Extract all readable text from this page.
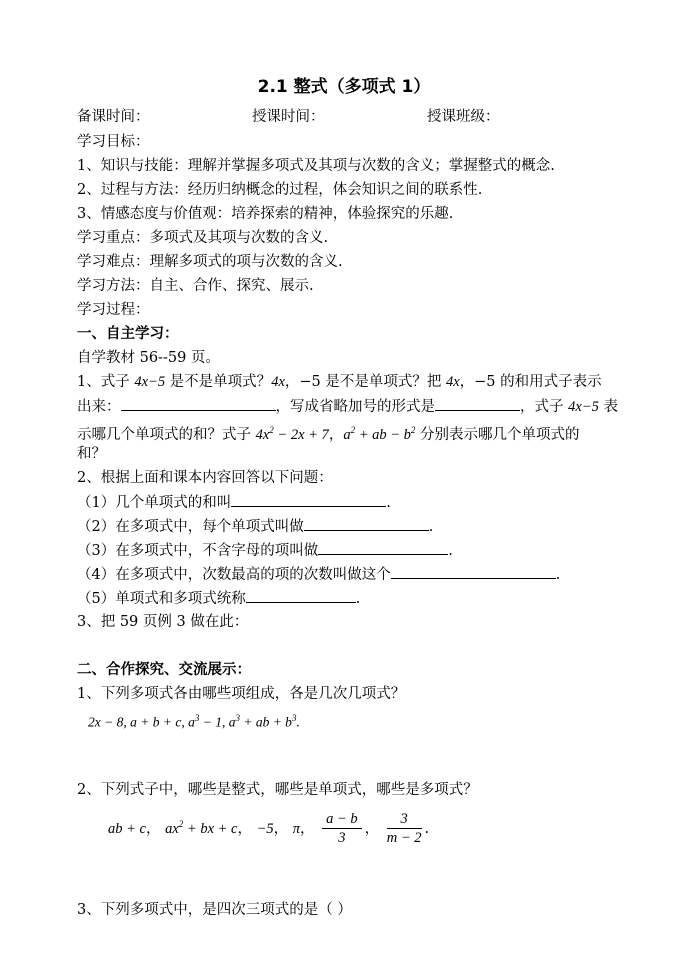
2.1 整式（多项式 1）
备课时间：	授课时间：	授课班级：
学习目标：
1、知识与技能：理解并掌握多项式及其项与次数的含义；掌握整式的概念.
2、过程与方法：经历归纳概念的过程，体会知识之间的联系性.
3、情感态度与价值观：培养探索的精神，体验探究的乐趣.
学习重点：多项式及其项与次数的含义.
学习难点：理解多项式的项与次数的含义.
学习方法：自主、合作、探究、展示.
学习过程：
一、自主学习：
自学教材 56--59 页。
1、式子 4x−5 是不是单项式？4x，−5 是不是单项式？把 4x，−5 的和用式子表示
出来：	，写成省略加号的形式是	，式子 4x−5 表
示哪几个单项式的和？式子 $4x^2 - 2x + 7$，$a^2$ + ab − $b^2$ 分别表示哪几个单项式的
和？
2、根据上面和课本内容回答以下问题：
（1）几个单项式的和叫	.
（2）在多项式中，每个单项式叫做	.
（3）在多项式中，不含字母的项叫做	.
（4）在多项式中，次数最高的项的次数叫做这个	.
（5）单项式和多项式统称	.
3、把 59 页例 3 做在此：
二、合作探究、交流展示：
1、下列多项式各由哪些项组成，各是几次几项式？
2x − 8, a + b + c, $a^3 - 1$, $a^3$ + ab + $b^3$.
2、下列式子中，哪些是整式，哪些是单项式，哪些是多项式？
ab + c， $ax^2$ + bx + c， −5， π， $\frac{a - b}{3}$ ， $\frac{3}{m - 2}$ .
3、下列多项式中，是四次三项式的是（ ）
